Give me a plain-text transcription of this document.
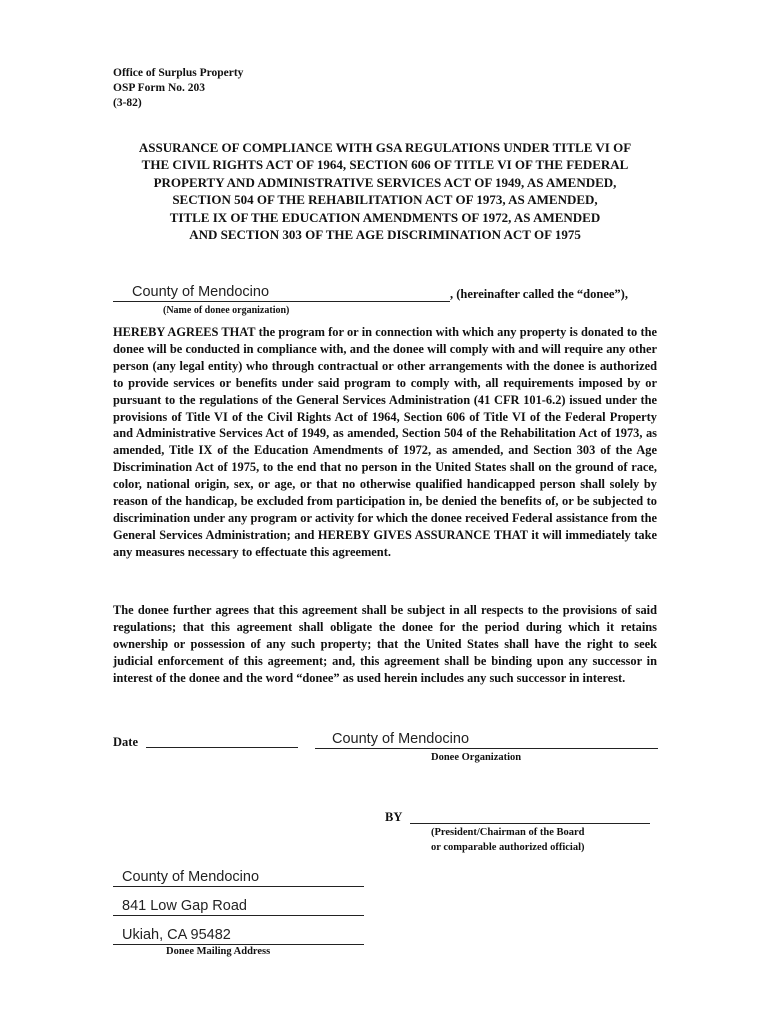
Office of Surplus Property
OSP Form No. 203
(3-82)
ASSURANCE OF COMPLIANCE WITH GSA REGULATIONS UNDER TITLE VI OF
THE CIVIL RIGHTS ACT OF 1964, SECTION 606 OF TITLE VI OF THE FEDERAL
PROPERTY AND ADMINISTRATIVE SERVICES ACT OF 1949, AS AMENDED,
SECTION 504 OF THE REHABILITATION ACT OF 1973, AS AMENDED,
TITLE IX OF THE EDUCATION AMENDMENTS OF 1972, AS AMENDED
AND SECTION 303 OF THE AGE DISCRIMINATION ACT OF 1975
County of Mendocino	, (hereinafter called the “donee”),
(Name of donee organization)
HEREBY AGREES THAT the program for or in connection with which any property is donated to the donee will be conducted in compliance with, and the donee will comply with and will require any other person (any legal entity) who through contractual or other arrangements with the donee is authorized to provide services or benefits under said program to comply with, all requirements imposed by or pursuant to the regulations of the General Services Administration (41 CFR 101-6.2) issued under the provisions of Title VI of the Civil Rights Act of 1964, Section 606 of Title VI of the Federal Property and Administrative Services Act of 1949, as amended, Section 504 of the Rehabilitation Act of 1973, as amended, Title IX of the Education Amendments of 1972, as amended, and Section 303 of the Age Discrimination Act of 1975, to the end that no person in the United States shall on the ground of race, color, national origin, sex, or age, or that no otherwise qualified handicapped person shall solely by reason of the handicap, be excluded from participation in, be denied the benefits of, or be subjected to discrimination under any program or activity for which the donee received Federal assistance from the General Services Administration; and HEREBY GIVES ASSURANCE THAT it will immediately take any measures necessary to effectuate this agreement.
The donee further agrees that this agreement shall be subject in all respects to the provisions of said regulations; that this agreement shall obligate the donee for the period during which it retains ownership or possession of any such property; that the United States shall have the right to seek judicial enforcement of this agreement; and, this agreement shall be binding upon any successor in interest of the donee and the word “donee” as used herein includes any such successor in interest.
Date	County of Mendocino
Donee Organization
BY
(President/Chairman of the Board
or comparable authorized official)
County of Mendocino
841 Low Gap Road
Ukiah, CA 95482
Donee Mailing Address
